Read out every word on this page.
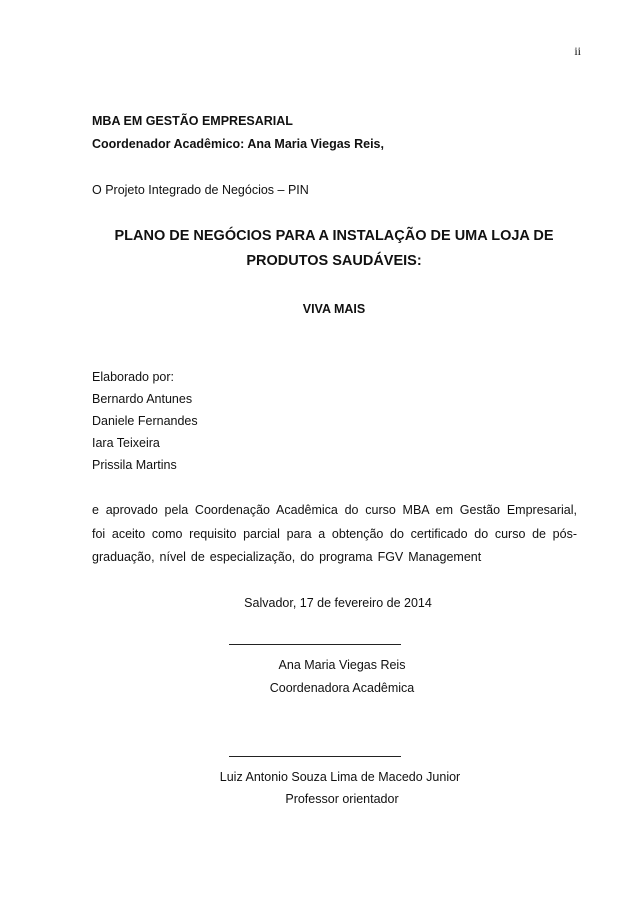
ii
MBA EM GESTÃO EMPRESARIAL
Coordenador Acadêmico: Ana Maria Viegas Reis,
O Projeto Integrado de Negócios – PIN
PLANO DE NEGÓCIOS PARA A INSTALAÇÃO DE UMA LOJA DE
PRODUTOS SAUDÁVEIS:
VIVA MAIS
Elaborado por:
Bernardo Antunes
Daniele Fernandes
Iara Teixeira
Prissila Martins
e aprovado pela Coordenação Acadêmica do curso MBA em Gestão Empresarial, foi aceito como requisito parcial para a obtenção do certificado do curso de pós-graduação, nível de especialização, do programa FGV Management
Salvador, 17 de fevereiro de 2014
Ana Maria Viegas Reis
Coordenadora Acadêmica
Luiz Antonio Souza Lima de Macedo Junior
Professor orientador
